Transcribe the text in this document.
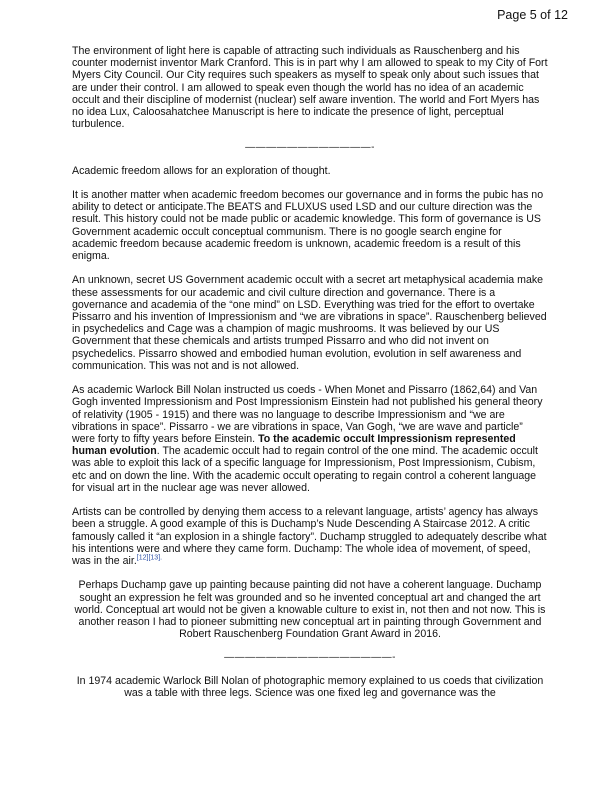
Page 5 of 12

The environment of light here is capable of attracting such individuals as Rauschenberg and his counter modernist inventor Mark Cranford. This is in part why I am allowed to speak to my City of Fort Myers City Council. Our City requires such speakers as myself to speak only about such issues that are under their control. I am allowed to speak even though the world has no idea of an academic occult and their discipline of modernist (nuclear) self aware invention. The world and Fort Myers has no idea Lux, Caloosahatchee Manuscript is here to indicate the presence of light, perceptual turbulence.

————————————-

Academic freedom allows for an exploration of thought.

It is another matter when academic freedom becomes our governance and in forms the pubic has no ability to detect or anticipate.The BEATS and FLUXUS used LSD and our culture direction was the result. This history could not be made public or academic knowledge. This form of governance is US Government academic occult conceptual communism. There is no google search engine for academic freedom because academic freedom is unknown, academic freedom is a result of this enigma.

An unknown, secret US Government academic occult with a secret art metaphysical academia make these assessments for our academic and civil culture direction and governance. There is a governance and academia of the “one mind” on LSD. Everything was tried for the effort to overtake Pissarro and his invention of Impressionism and “we are vibrations in space”. Rauschenberg believed in psychedelics and Cage was a champion of magic mushrooms. It was believed by our US Government that these chemicals and artists trumped Pissarro and who did not invent on psychedelics. Pissarro showed and embodied human evolution, evolution in self awareness and communication. This was not and is not allowed.

As academic Warlock Bill Nolan instructed us coeds - When Monet and Pissarro (1862,64) and Van Gogh invented Impressionism and Post Impressionism Einstein had not published his general theory of relativity (1905 - 1915) and there was no language to describe Impressionism and “we are vibrations in space”. Pissarro - we are vibrations in space, Van Gogh, “we are wave and particle” were forty to fifty years before Einstein. To the academic occult Impressionism represented human evolution. The academic occult had to regain control of the one mind. The academic occult was able to exploit this lack of a specific language for Impressionism, Post Impressionism, Cubism, etc and on down the line. With the academic occult operating to regain control a coherent language for visual art in the nuclear age was never allowed.

Artists can be controlled by denying them access to a relevant language, artists’ agency has always been a struggle. A good example of this is Duchamp’s Nude Descending A Staircase 2012. A critic famously called it “an explosion in a shingle factory”. Duchamp struggled to adequately describe what his intentions were and where they came form. Duchamp: The whole idea of movement, of speed, was in the air.$^{[12][13].}$

Perhaps Duchamp gave up painting because painting did not have a coherent language. Duchamp sought an expression he felt was grounded and so he invented conceptual art and changed the art world. Conceptual art would not be given a knowable culture to exist in, not then and not now. This is another reason I had to pioneer submitting new conceptual art in painting through Government and Robert Rauschenberg Foundation Grant Award in 2016.

————————————————-

In 1974 academic Warlock Bill Nolan of photographic memory explained to us coeds that civilization was a table with three legs. Science was one fixed leg and governance was the
